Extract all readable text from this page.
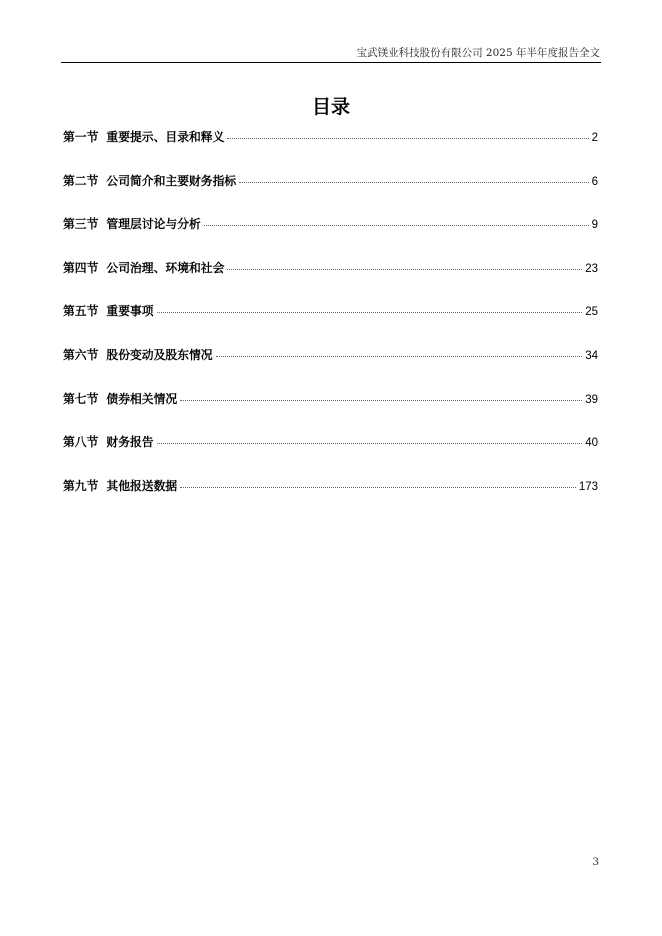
宝武镁业科技股份有限公司 2025 年半年度报告全文
目录
第一节 重要提示、目录和释义	2
第二节 公司简介和主要财务指标	6
第三节 管理层讨论与分析	9
第四节 公司治理、环境和社会	23
第五节 重要事项	25
第六节 股份变动及股东情况	34
第七节 债券相关情况	39
第八节 财务报告	40
第九节 其他报送数据	173
3
